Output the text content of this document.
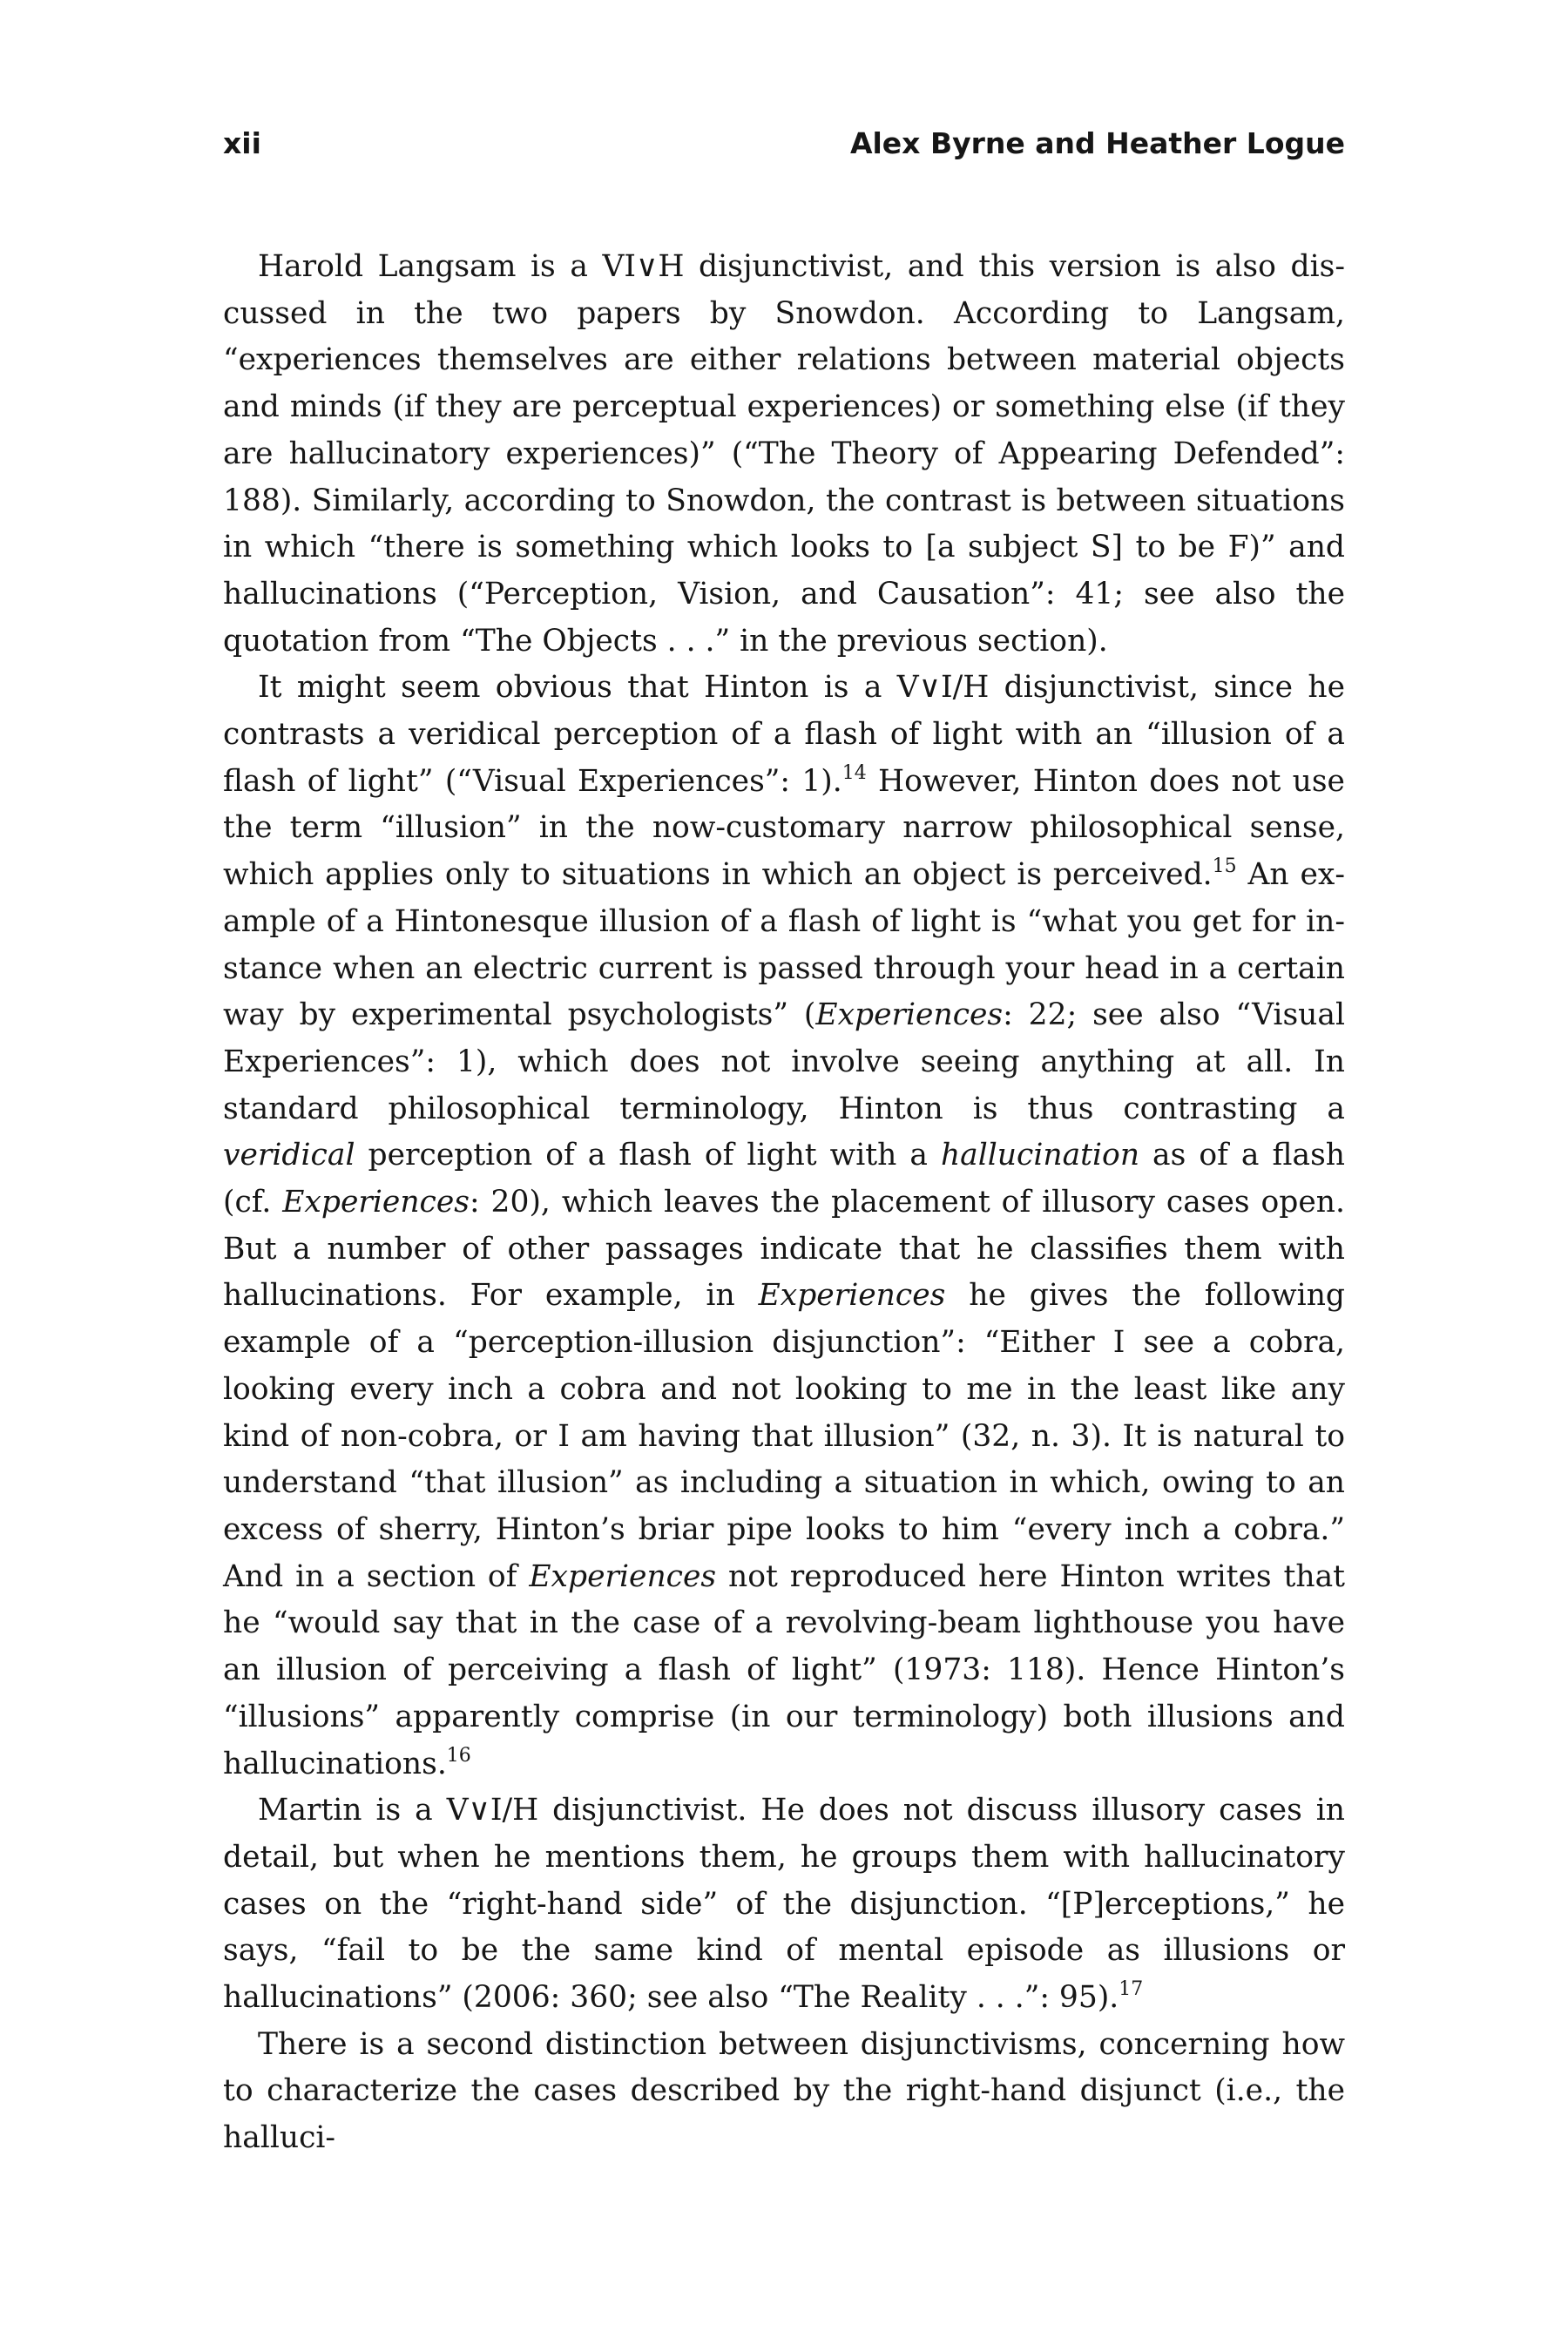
xii	Alex Byrne and Heather Logue

Harold Langsam is a VI∨H disjunctivist, and this version is also discussed in the two papers by Snowdon. According to Langsam, “experiences themselves are either relations between material objects and minds (if they are perceptual experiences) or something else (if they are hallucinatory experiences)” (“The Theory of Appearing Defended”: 188). Similarly, according to Snowdon, the contrast is between situations in which “there is something which looks to [a subject S] to be F)” and hallucinations (“Perception, Vision, and Causation”: 41; see also the quotation from “The Objects . . .” in the previous section).

It might seem obvious that Hinton is a V∨I/H disjunctivist, since he contrasts a veridical perception of a flash of light with an “illusion of a flash of light” (“Visual Experiences”: 1).$^{14}$ However, Hinton does not use the term “illusion” in the now-customary narrow philosophical sense, which applies only to situations in which an object is perceived.$^{15}$ An example of a Hintonesque illusion of a flash of light is “what you get for instance when an electric current is passed through your head in a certain way by experimental psychologists” (Experiences: 22; see also “Visual Experiences”: 1), which does not involve seeing anything at all. In standard philosophical terminology, Hinton is thus contrasting a veridical perception of a flash of light with a hallucination as of a flash (cf. Experiences: 20), which leaves the placement of illusory cases open. But a number of other passages indicate that he classifies them with hallucinations. For example, in Experiences he gives the following example of a “perception-illusion disjunction”: “Either I see a cobra, looking every inch a cobra and not looking to me in the least like any kind of non-cobra, or I am having that illusion” (32, n. 3). It is natural to understand “that illusion” as including a situation in which, owing to an excess of sherry, Hinton’s briar pipe looks to him “every inch a cobra.” And in a section of Experiences not reproduced here Hinton writes that he “would say that in the case of a revolving-beam lighthouse you have an illusion of perceiving a flash of light” (1973: 118). Hence Hinton’s “illusions” apparently comprise (in our terminology) both illusions and hallucinations.$^{16}$

Martin is a V∨I/H disjunctivist. He does not discuss illusory cases in detail, but when he mentions them, he groups them with hallucinatory cases on the “right-hand side” of the disjunction. “[P]erceptions,” he says, “fail to be the same kind of mental episode as illusions or hallucinations” (2006: 360; see also “The Reality . . .”: 95).$^{17}$

There is a second distinction between disjunctivisms, concerning how to characterize the cases described by the right-hand disjunct (i.e., the halluci-
